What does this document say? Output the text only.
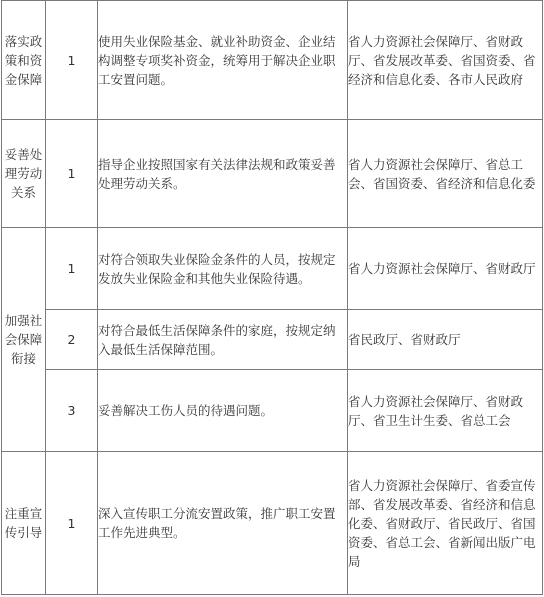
落实政策和资金保障	1	使用失业保险基金、就业补助资金、企业结构调整专项奖补资金，统筹用于解决企业职工安置问题。	省人力资源社会保障厅、省财政厅、省发展改革委、省国资委、省经济和信息化委、各市人民政府

妥善处理劳动关系	1	指导企业按照国家有关法律法规和政策妥善处理劳动关系。	省人力资源社会保障厅、省总工会、省国资委、省经济和信息化委

加强社会保障衔接	1	对符合领取失业保险金条件的人员，按规定发放失业保险金和其他失业保险待遇。	省人力资源社会保障厅、省财政厅
	2	对符合最低生活保障条件的家庭，按规定纳入最低生活保障范围。	省民政厅、省财政厅
	3	妥善解决工伤人员的待遇问题。	省人力资源社会保障厅、省财政厅、省卫生计生委、省总工会

注重宣传引导	1	深入宣传职工分流安置政策，推广职工安置工作先进典型。	省人力资源社会保障厅、省委宣传部、省发展改革委、省经济和信息化委、省财政厅、省民政厅、省国资委、省总工会、省新闻出版广电局
